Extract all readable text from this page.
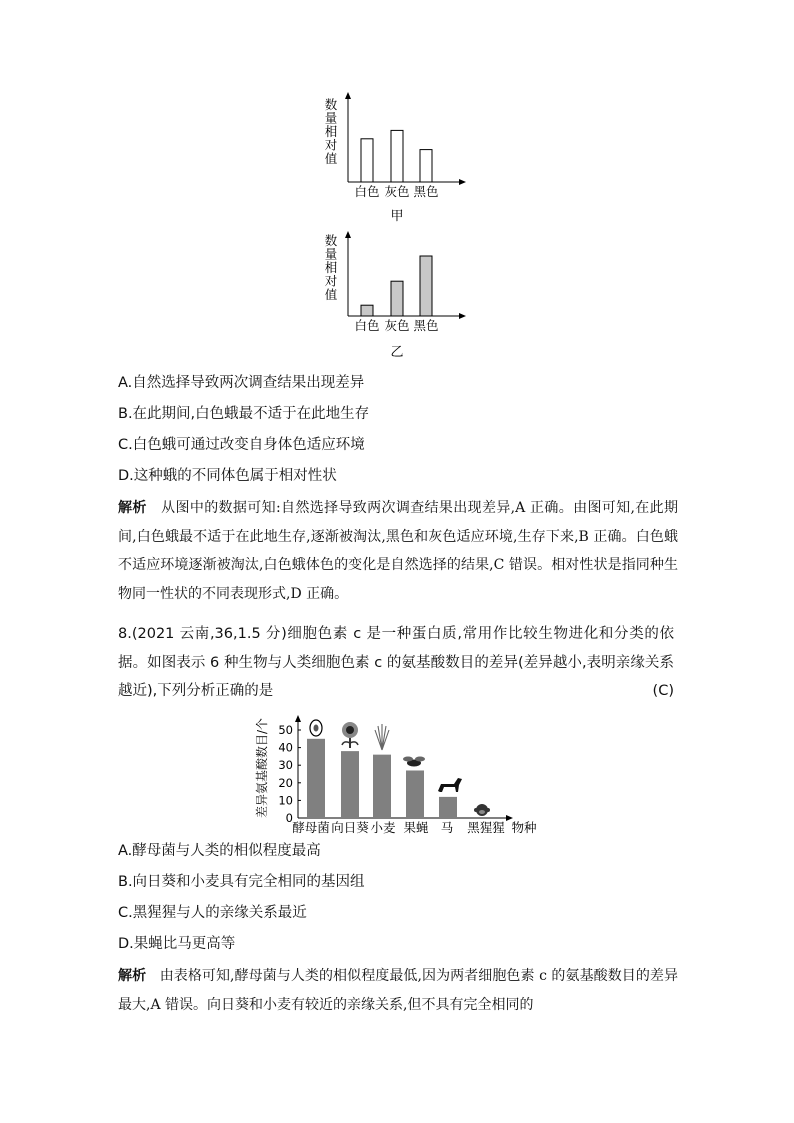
数
量
相
对
值
白色 灰色 黑色
甲
数
量
相
对
值
白色 灰色 黑色
乙
A.自然选择导致两次调查结果出现差异
B.在此期间,白色蛾最不适于在此地生存
C.白色蛾可通过改变自身体色适应环境
D.这种蛾的不同体色属于相对性状
解析 从图中的数据可知:自然选择导致两次调查结果出现差异,A 正确。由图可知,在此期间,白色蛾最不适于在此地生存,逐渐被淘汰,黑色和灰色适应环境,生存下来,B 正确。白色蛾不适应环境逐渐被淘汰,白色蛾体色的变化是自然选择的结果,C 错误。相对性状是指同种生物同一性状的不同表现形式,D 正确。
8.(2021 云南,36,1.5 分)细胞色素 c 是一种蛋白质,常用作比较生物进化和分类的依据。如图表示 6 种生物与人类细胞色素 c 的氨基酸数目的差异(差异越小,表明亲缘关系越近),下列分析正确的是	(C)
差异氨基酸数目/个 50
40
30
20
10
0
酵母菌 向日葵 小麦 果蝇 马 黑猩猩 物种
A.酵母菌与人类的相似程度最高
B.向日葵和小麦具有完全相同的基因组
C.黑猩猩与人的亲缘关系最近
D.果蝇比马更高等
解析 由表格可知,酵母菌与人类的相似程度最低,因为两者细胞色素 c 的氨基酸数目的差异最大,A 错误。向日葵和小麦有较近的亲缘关系,但不具有完全相同的
